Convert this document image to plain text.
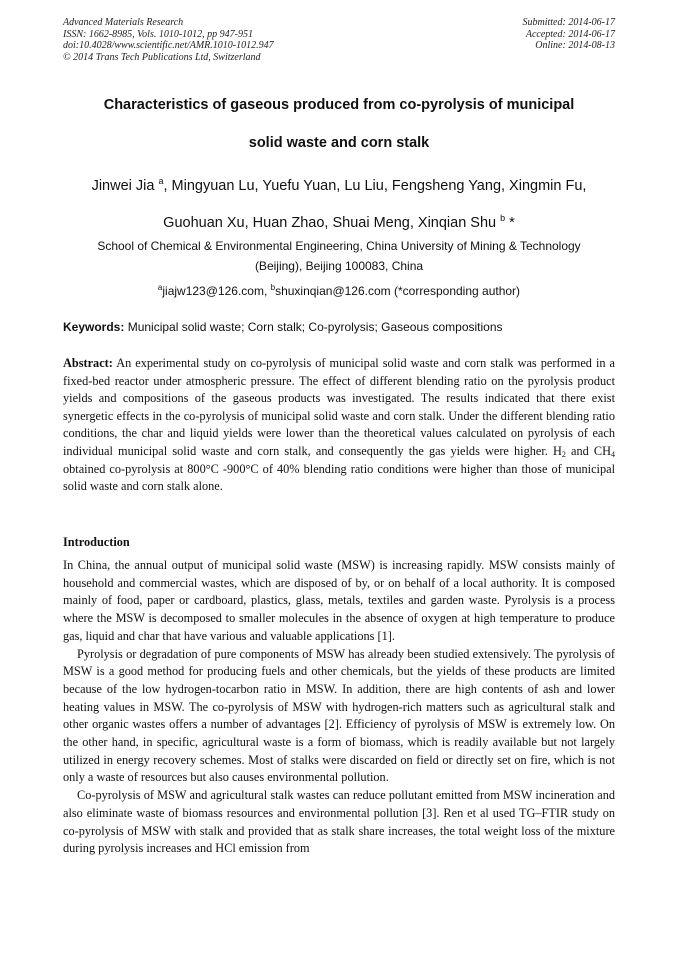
Advanced Materials Research
ISSN: 1662-8985, Vols. 1010-1012, pp 947-951
doi:10.4028/www.scientific.net/AMR.1010-1012.947
© 2014 Trans Tech Publications Ltd, Switzerland
Submitted: 2014-06-17
Accepted: 2014-06-17
Online: 2014-08-13
Characteristics of gaseous produced from co-pyrolysis of municipal
solid waste and corn stalk
Jinwei Jia $^a$, Mingyuan Lu, Yuefu Yuan, Lu Liu, Fengsheng Yang, Xingmin Fu,
Guohuan Xu, Huan Zhao, Shuai Meng, Xinqian Shu $^b$ *
School of Chemical & Environmental Engineering, China University of Mining & Technology
(Beijing), Beijing 100083, China
$^a$jiajw123@126.com, $^b$shuxinqian@126.com (*corresponding author)
Keywords: Municipal solid waste; Corn stalk; Co-pyrolysis; Gaseous compositions

Abstract: An experimental study on co-pyrolysis of municipal solid waste and corn stalk was performed in a fixed-bed reactor under atmospheric pressure. The effect of different blending ratio on the pyrolysis product yields and compositions of the gaseous products was investigated. The results indicated that there exist synergetic effects in the co-pyrolysis of municipal solid waste and corn stalk. Under the different blending ratio conditions, the char and liquid yields were lower than the theoretical values calculated on pyrolysis of each individual municipal solid waste and corn stalk, and consequently the gas yields were higher. $H_2$ and $CH_4$ obtained co-pyrolysis at 800°C -900°C of 40% blending ratio conditions were higher than those of municipal solid waste and corn stalk alone.

Introduction

In China, the annual output of municipal solid waste (MSW) is increasing rapidly. MSW consists mainly of household and commercial wastes, which are disposed of by, or on behalf of a local authority. It is composed mainly of food, paper or cardboard, plastics, glass, metals, textiles and garden waste. Pyrolysis is a process where the MSW is decomposed to smaller molecules in the absence of oxygen at high temperature to produce gas, liquid and char that have various and valuable applications [1].

Pyrolysis or degradation of pure components of MSW has already been studied extensively. The pyrolysis of MSW is a good method for producing fuels and other chemicals, but the yields of these products are limited because of the low hydrogen-tocarbon ratio in MSW. In addition, there are high contents of ash and lower heating values in MSW. The co-pyrolysis of MSW with hydrogen-rich matters such as agricultural stalk and other organic wastes offers a number of advantages [2]. Efficiency of pyrolysis of MSW is extremely low. On the other hand, in specific, agricultural waste is a form of biomass, which is readily available but not largely utilized in energy recovery schemes. Most of stalks were discarded on field or directly set on fire, which is not only a waste of resources but also causes environmental pollution.

Co-pyrolysis of MSW and agricultural stalk wastes can reduce pollutant emitted from MSW incineration and also eliminate waste of biomass resources and environmental pollution [3]. Ren et al used TG–FTIR study on co-pyrolysis of MSW with stalk and provided that as stalk share increases, the total weight loss of the mixture during pyrolysis increases and HCl emission from
